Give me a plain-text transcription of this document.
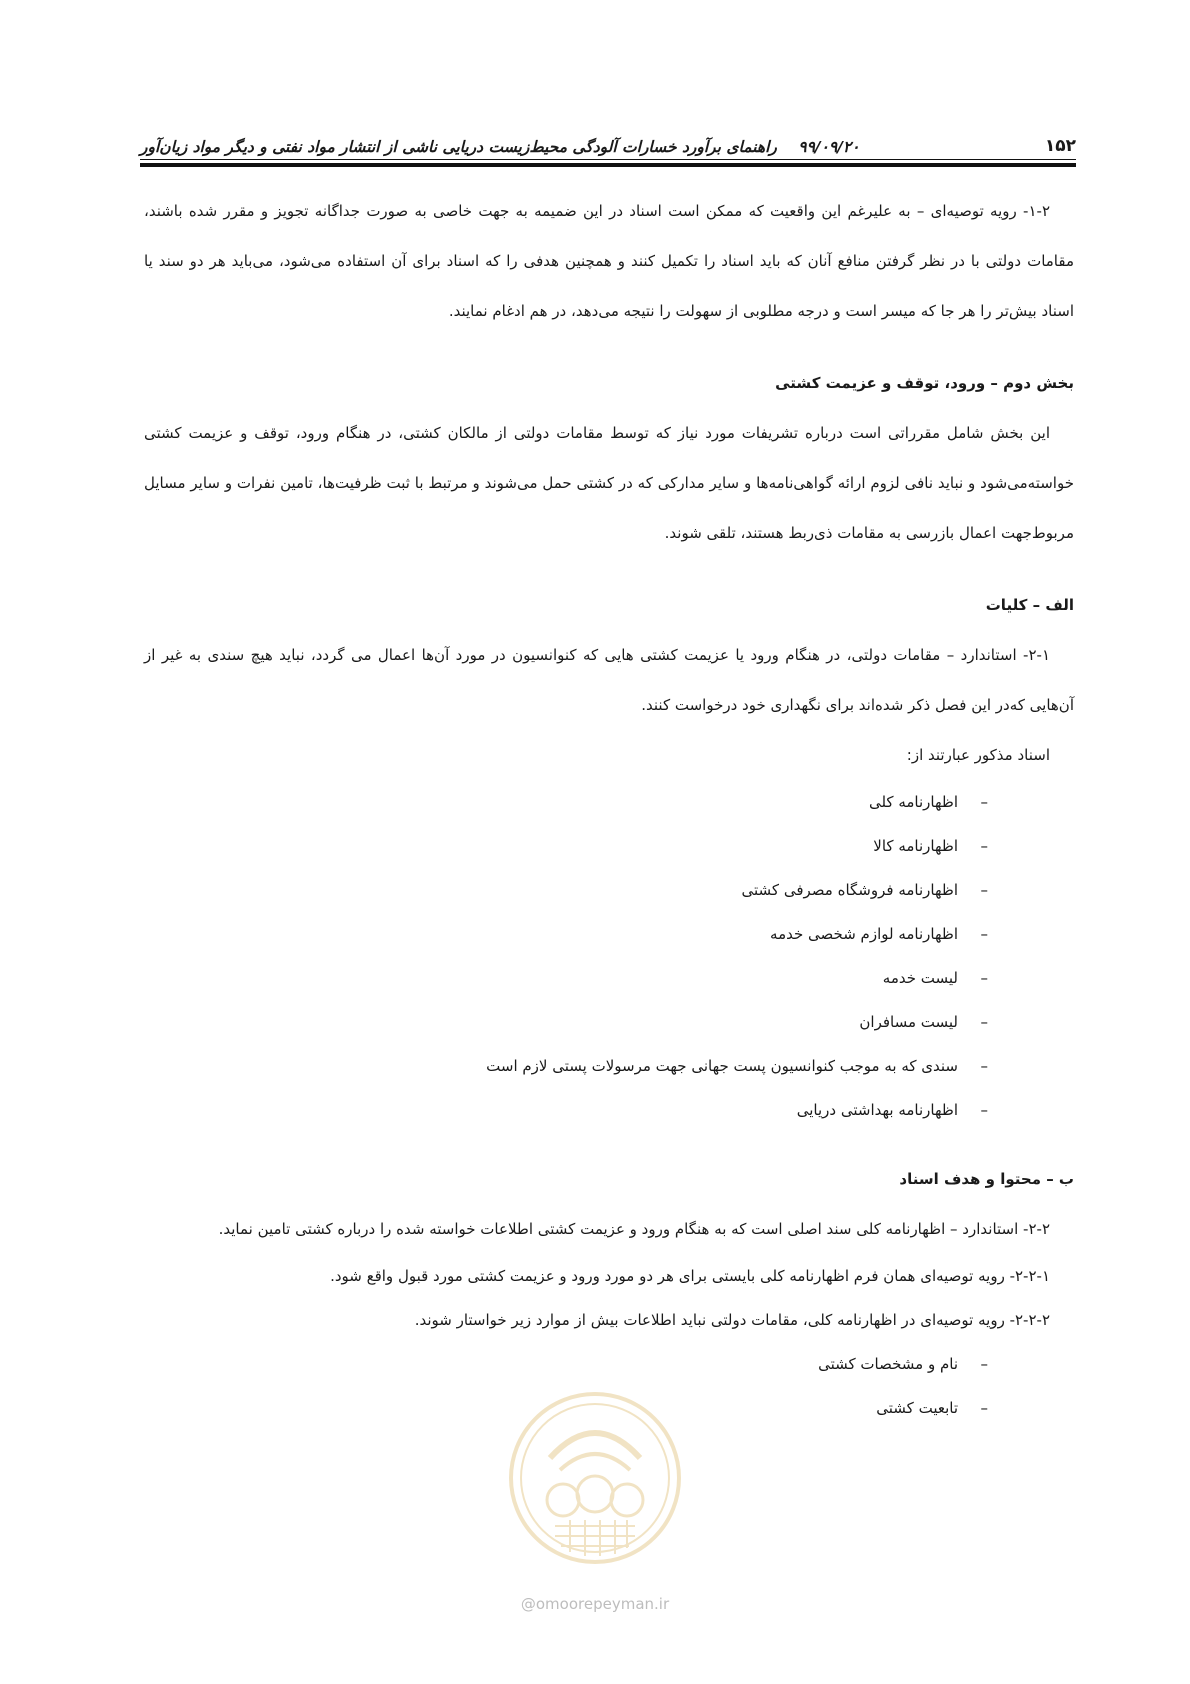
۱۵۲
۹۹/۰۹/۲۰ راهنمای برآورد خسارات آلودگی محیط‌زیست دریایی ناشی از انتشار مواد نفتی و دیگر مواد زیان‌آور

۱-۲- رویه توصیه‌ای – به علیرغم این واقعیت که ممکن است اسناد در این ضمیمه به جهت خاصی به صورت جداگانه تجویز و مقرر شده باشند، مقامات دولتی با در نظر گرفتن منافع آنان که باید اسناد را تکمیل کنند و همچنین هدفی را که اسناد برای آن استفاده می‌شود، می‌باید هر دو سند یا اسناد بیش‌تر را هر جا که میسر است و درجه مطلوبی از سهولت را نتیجه می‌دهد، در هم ادغام نمایند.

بخش دوم – ورود، توقف و عزیمت کشتی

این بخش شامل مقرراتی است درباره تشریفات مورد نیاز که توسط مقامات دولتی از مالکان کشتی، در هنگام ورود، توقف و عزیمت کشتی خواسته‌می‌شود و نباید نافی لزوم ارائه گواهی‌نامه‌ها و سایر مدارکی که در کشتی حمل می‌شوند و مرتبط با ثبت ظرفیت‌ها، تامین نفرات و سایر مسایل مربوط‌جهت اعمال بازرسی به مقامات ذی‌ربط هستند، تلقی شوند.

الف – کلیات

۲-۱- استاندارد – مقامات دولتی، در هنگام ورود یا عزیمت کشتی هایی که کنوانسیون در مورد آن‌ها اعمال می گردد، نباید هیچ سندی به غیر از آن‌هایی که‌در این فصل ذکر شده‌اند برای نگهداری خود درخواست کنند.

اسناد مذکور عبارتند از:

–اظهارنامه کلی
–اظهارنامه کالا
–اظهارنامه فروشگاه مصرفی کشتی
–اظهارنامه لوازم شخصی خدمه
–لیست خدمه
–لیست مسافران
–سندی که به موجب کنوانسیون پست جهانی جهت مرسولات پستی لازم است
–اظهارنامه بهداشتی دریایی
ب – محتوا و هدف اسناد

۲-۲- استاندارد – اظهارنامه کلی سند اصلی است که به هنگام ورود و عزیمت کشتی اطلاعات خواسته شده را درباره کشتی تامین نماید.

۲-۲-۱- رویه توصیه‌ای همان فرم اظهارنامه کلی بایستی برای هر دو مورد ورود و عزیمت کشتی مورد قبول واقع شود.

۲-۲-۲- رویه توصیه‌ای در اظهارنامه کلی، مقامات دولتی نباید اطلاعات بیش از موارد زیر خواستار شوند.

–نام و مشخصات کشتی
–تابعیت کشتی
@omoorepeyman.ir
